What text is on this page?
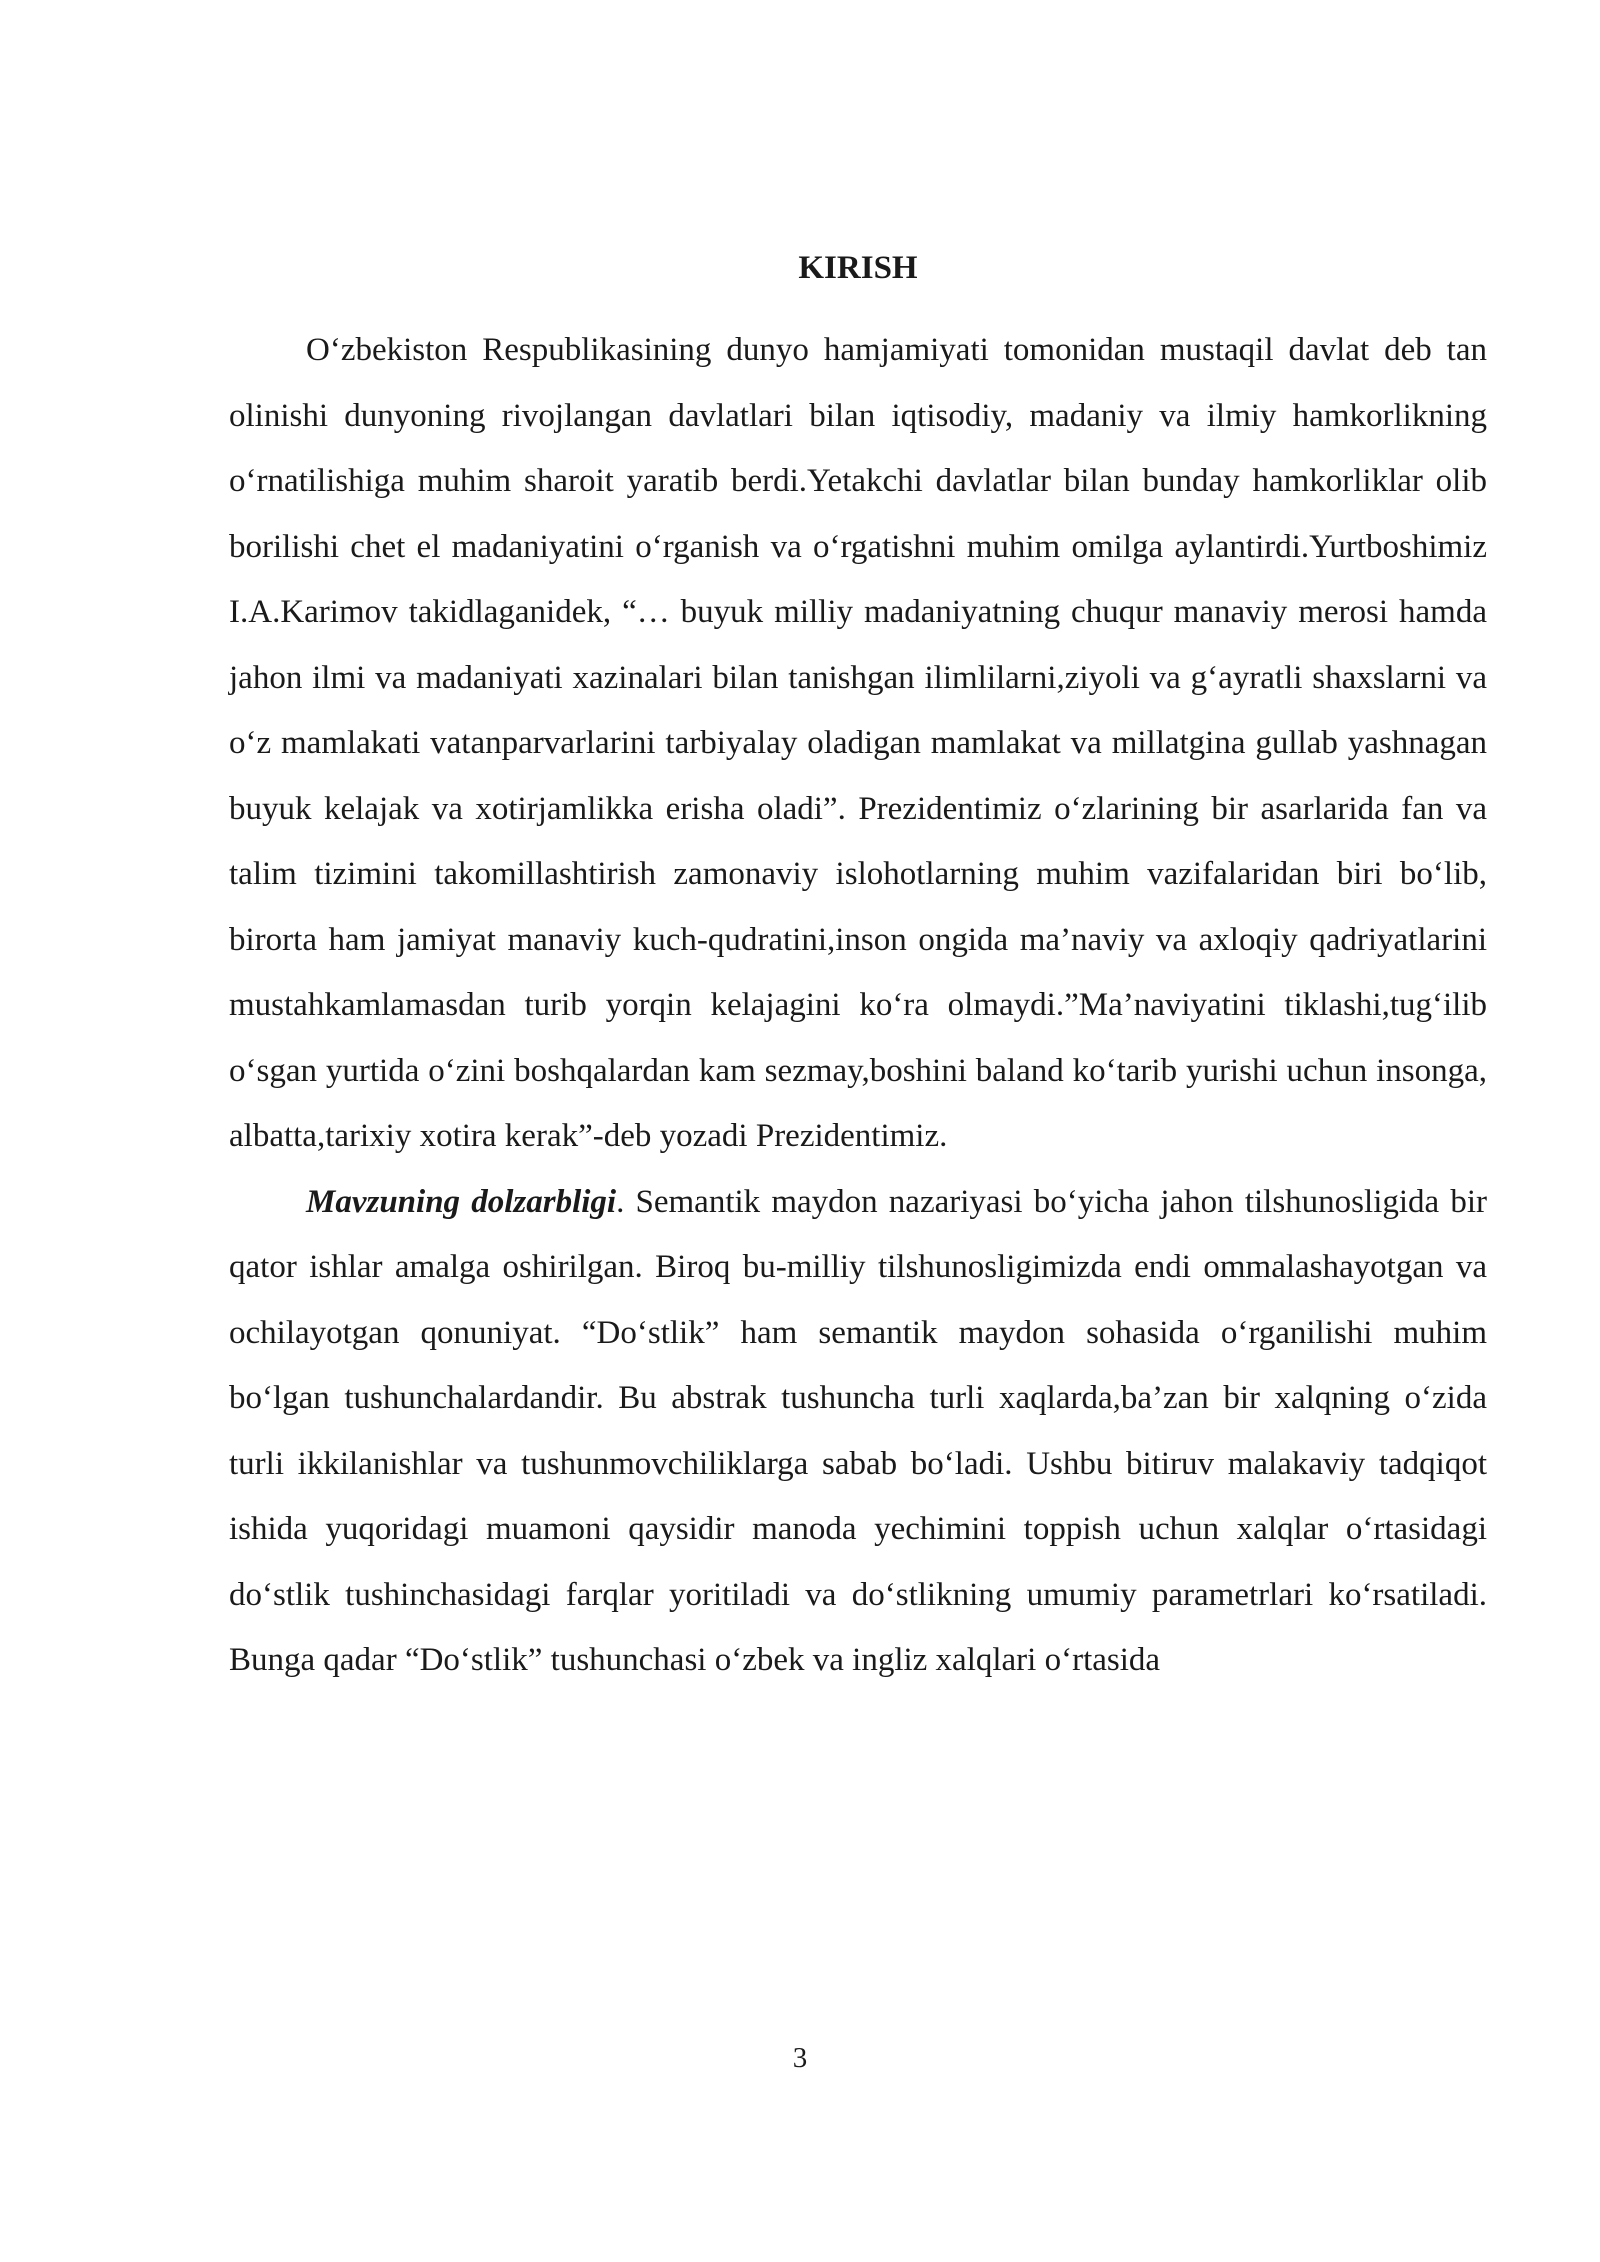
KIRISH

O‘zbekiston Respublikasining dunyo hamjamiyati tomonidan mustaqil davlat deb tan olinishi dunyoning rivojlangan davlatlari bilan iqtisodiy, madaniy va ilmiy hamkorlikning o‘rnatilishiga muhim sharoit yaratib berdi.Yetakchi davlatlar bilan bunday hamkorliklar olib borilishi chet el madaniyatini o‘rganish va o‘rgatishni muhim omilga aylantirdi.Yurtboshimiz I.A.Karimov takidlaganidek, “… buyuk milliy madaniyatning chuqur manaviy merosi hamda jahon ilmi va madaniyati xazinalari bilan tanishgan ilimlilarni,ziyoli va g‘ayratli shaxslarni va o‘z mamlakati vatanparvarlarini tarbiyalay oladigan mamlakat va millatgina gullab yashnagan buyuk kelajak va xotirjamlikka erisha oladi”. Prezidentimiz o‘zlarining bir asarlarida fan va talim tizimini takomillashtirish zamonaviy islohotlarning muhim vazifalaridan biri bo‘lib, birorta ham jamiyat manaviy kuch-qudratini,inson ongida ma’naviy va axloqiy qadriyatlarini mustahkamlamasdan turib yorqin kelajagini ko‘ra olmaydi.”Ma’naviyatini tiklashi,tug‘ilib o‘sgan yurtida o‘zini boshqalardan kam sezmay,boshini baland ko‘tarib yurishi uchun insonga, albatta,tarixiy xotira kerak”-deb yozadi Prezidentimiz.

Mavzuning dolzarbligi. Semantik maydon nazariyasi bo‘yicha jahon tilshunosligida bir qator ishlar amalga oshirilgan. Biroq bu-milliy tilshunosligimizda endi ommalashayotgan va ochilayotgan qonuniyat. “Do‘stlik” ham semantik maydon sohasida o‘rganilishi muhim bo‘lgan tushunchalardandir. Bu abstrak tushuncha turli xaqlarda,ba’zan bir xalqning o‘zida turli ikkilanishlar va tushunmovchiliklarga sabab bo‘ladi. Ushbu bitiruv malakaviy tadqiqot ishida yuqoridagi muamoni qaysidir manoda yechimini toppish uchun xalqlar o‘rtasidagi do‘stlik tushinchasidagi farqlar yoritiladi va do‘stlikning umumiy parametrlari ko‘rsatiladi. Bunga qadar “Do‘stlik” tushunchasi o‘zbek va ingliz xalqlari o‘rtasida

3
